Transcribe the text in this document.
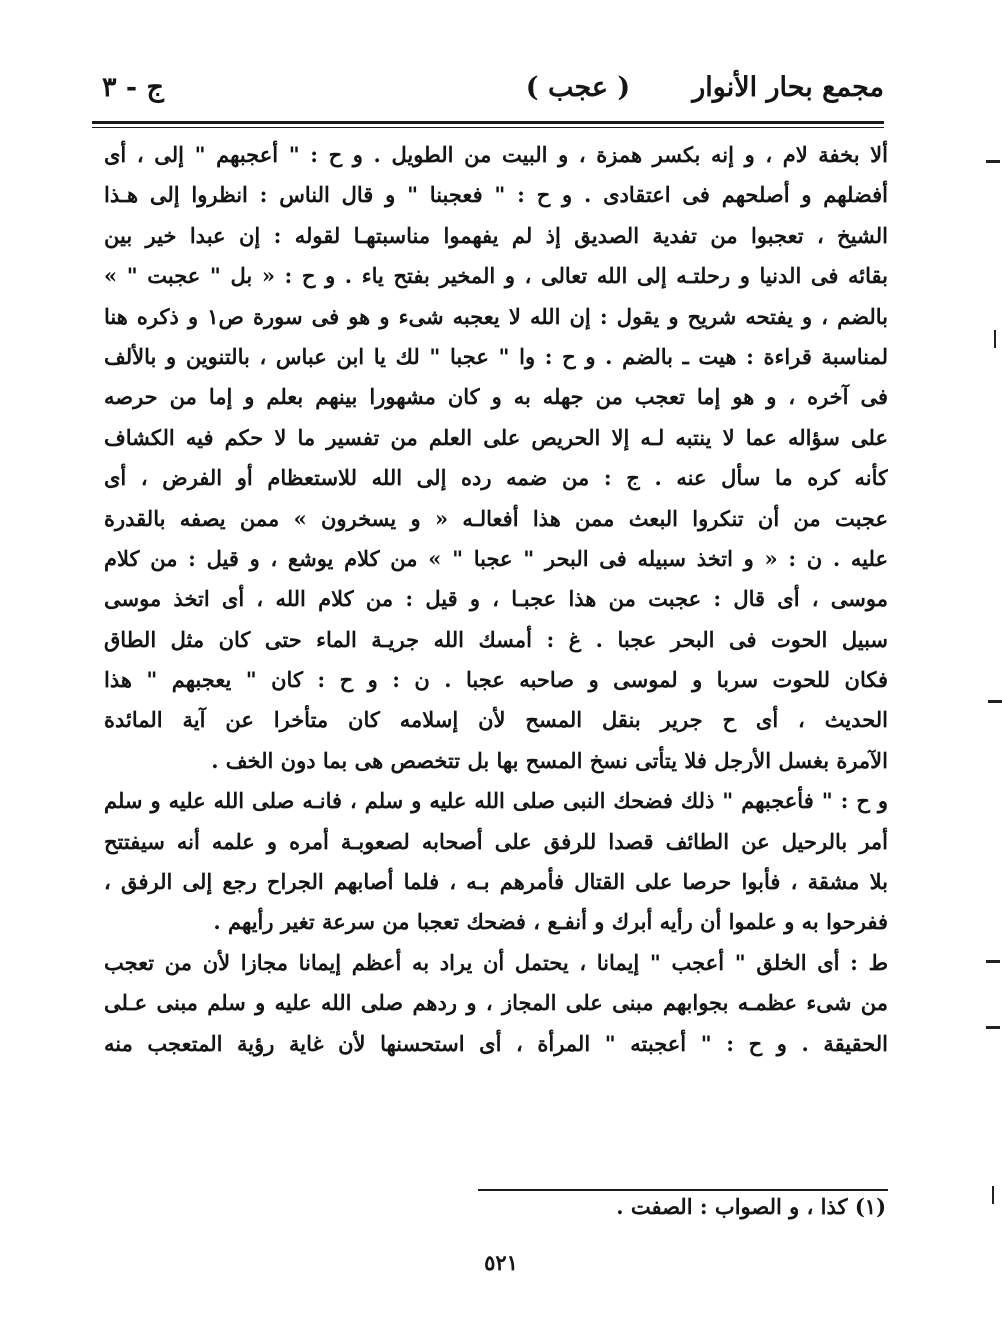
مجمع بحار الأنوار
( عجب )
ج - ٣
ألا بخفة لام ، و إنه بكسر همزة ، و البيت من الطويل . و ح : " أعجبهم " إلى ، أى
أفضلهم و أصلحهم فى اعتقادى . و ح : " فعجبنا " و قال الناس : انظروا إلى هـذا
الشيخ ، تعجبوا من تفدية الصديق إذ لم يفهموا مناسبتهـا لقوله : إن عبدا خير بين
بقائه فى الدنيا و رحلتـه إلى الله تعالى ، و المخير بفتح ياء . و ح : « بل " عجبت " »
بالضم ، و يفتحه شريح و يقول : إن الله لا يعجبه شىء و هو فى سورة ص١ و ذكره هنا
لمناسبة قراءة : هيت ـ بالضم . و ح : وا " عجبا " لك يا ابن عباس ، بالتنوين و بالألف
فى آخره ، و هو إما تعجب من جهله به و كان مشهورا بينهم بعلم و إما من حرصه
على سؤاله عما لا ينتبه لـه إلا الحريص على العلم من تفسير ما لا حكم فيه الكشاف
كأنه كره ما سأل عنه . ج : من ضمه رده إلى الله للاستعظام أو الفرض ، أى
عجبت من أن تنكروا البعث ممن هذا أفعالـه « و يسخرون » ممن يصفه بالقدرة
عليه . ن : « و اتخذ سبيله فى البحر " عجبا " » من كلام يوشع ، و قيل : من كلام
موسى ، أى قال : عجبت من هذا عجبـا ، و قيل : من كلام الله ، أى اتخذ موسى
سبيل الحوت فى البحر عجبا . غ : أمسك الله جريـة الماء حتى كان مثل الطاق
فكان للحوت سربا و لموسى و صاحبه عجبا . ن : و ح : كان " يعجبهم " هذا
الحديث ، أى ح جرير بنقل المسح لأن إسلامه كان متأخرا عن آية المائدة
الآمرة بغسل الأرجل فلا يتأتى نسخ المسح بها بل تتخصص هى بما دون الخف .
و ح : " فأعجبهم " ذلك فضحك النبى صلى الله عليه و سلم ، فانـه صلى الله عليه و سلم
أمر بالرحيل عن الطائف قصدا للرفق على أصحابه لصعوبـة أمره و علمه أنه سيفتتح
بلا مشقة ، فأبوا حرصا على القتال فأمرهم بـه ، فلما أصابهم الجراح رجع إلى الرفق ،
ففرحوا به و علموا أن رأيه أبرك و أنفـع ، فضحك تعجبا من سرعة تغير رأيهم .
ط : أى الخلق " أعجب " إيمانا ، يحتمل أن يراد به أعظم إيمانا مجازا لأن من تعجب
من شىء عظمـه بجوابهم مبنى على المجاز ، و ردهم صلى الله عليه و سلم مبنى عـلى
الحقيقة . و ح : " أعجبته " المرأة ، أى استحسنها لأن غاية رؤية المتعجب منه
(١) كذا ، و الصواب : الصفت .
٥٢١
